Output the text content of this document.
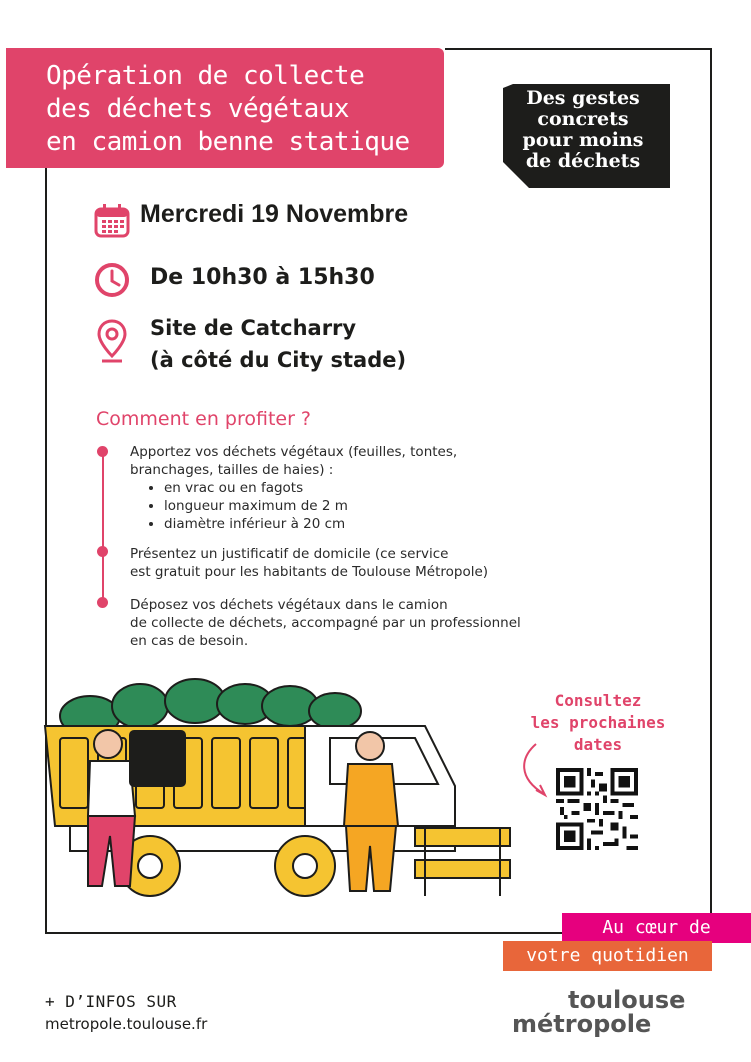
Opération de collecte
des déchets végétaux
en camion benne statique
Des gestes
concrets
pour moins
de déchets
Mercredi 19 Novembre
De 10h30 à 15h30
Site de Catcharry
(à côté du City stade)
Comment en profiter ?
Apportez vos déchets végétaux (feuilles, tontes,
branchages, tailles de haies) :
• en vrac ou en fagots
• longueur maximum de 2 m
• diamètre inférieur à 20 cm
Présentez un justificatif de domicile (ce service
est gratuit pour les habitants de Toulouse Métropole)
Déposez vos déchets végétaux dans le camion
de collecte de déchets, accompagné par un professionnel
en cas de besoin.
Consultez
les prochaines
dates
Au cœur de
votre quotidien
+ D’INFOS SUR
metropole.toulouse.fr
toulouse
métropole
